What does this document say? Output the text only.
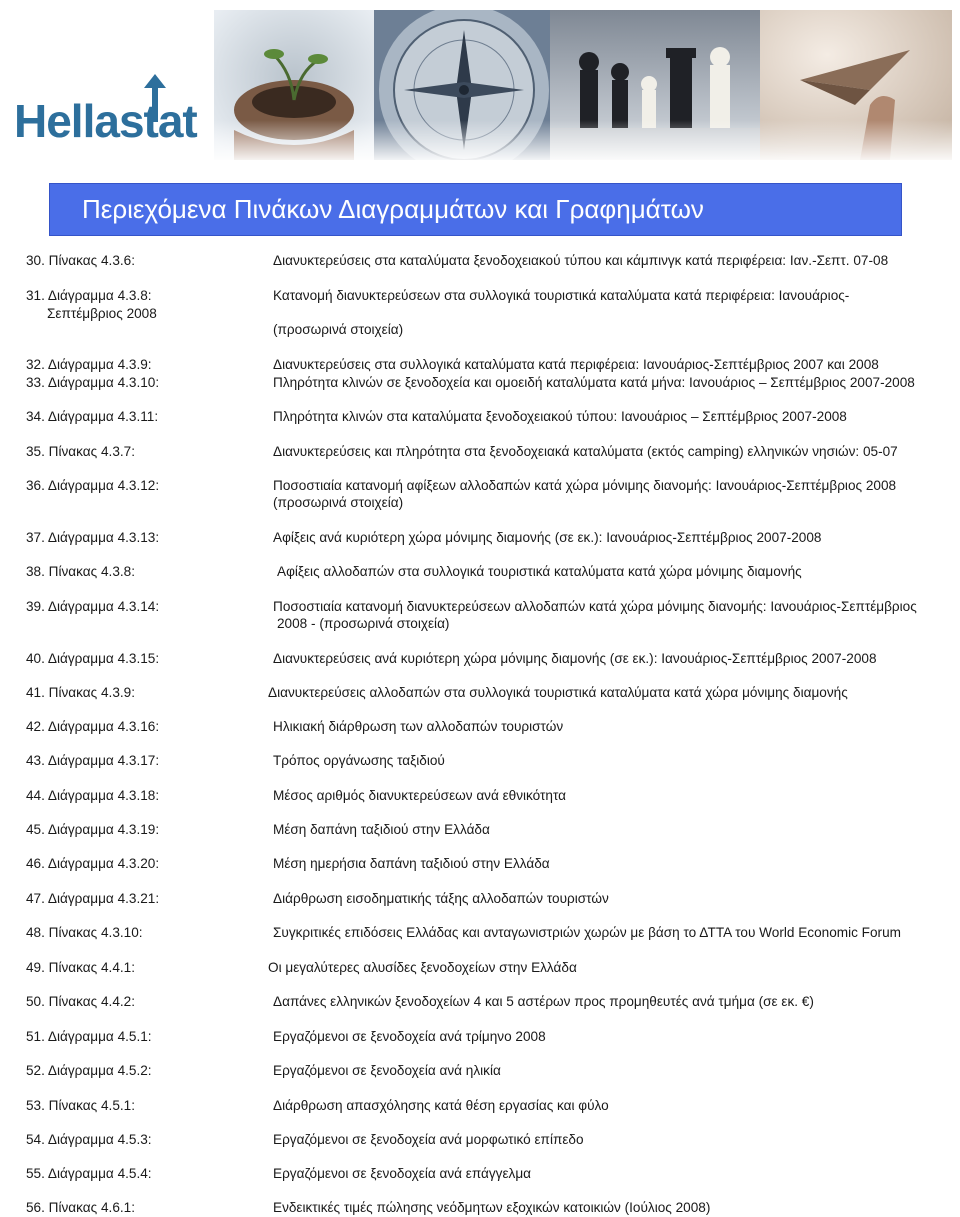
Hellastat
Περιεχόμενα Πινάκων Διαγραμμάτων και Γραφημάτων
30. Πίνακας 4.3.6:	Διανυκτερεύσεις στα καταλύματα ξενοδοχειακού τύπου και κάμπινγκ κατά περιφέρεια: Ιαν.-Σεπτ. 07-08
31. Διάγραμμα 4.3.8:	Κατανομή διανυκτερεύσεων στα συλλογικά τουριστικά καταλύματα κατά περιφέρεια: Ιανουάριος-
Σεπτέμβριος 2008
(προσωρινά στοιχεία)
32. Διάγραμμα 4.3.9:	Διανυκτερεύσεις στα συλλογικά καταλύματα κατά περιφέρεια: Ιανουάριος-Σεπτέμβριος 2007 και 2008
33. Διάγραμμα 4.3.10:	Πληρότητα κλινών σε ξενοδοχεία και ομοειδή καταλύματα κατά μήνα: Ιανουάριος – Σεπτέμβριος 2007-2008
34. Διάγραμμα 4.3.11:	Πληρότητα κλινών στα καταλύματα ξενοδοχειακού τύπου: Ιανουάριος – Σεπτέμβριος 2007-2008
35. Πίνακας 4.3.7:	Διανυκτερεύσεις και πληρότητα στα ξενοδοχειακά καταλύματα (εκτός camping) ελληνικών νησιών: 05-07
36. Διάγραμμα 4.3.12:	Ποσοστιαία κατανομή αφίξεων αλλοδαπών κατά χώρα μόνιμης διανομής: Ιανουάριος-Σεπτέμβριος 2008
(προσωρινά στοιχεία)
37. Διάγραμμα 4.3.13:	Αφίξεις ανά κυριότερη χώρα μόνιμης διαμονής (σε εκ.): Ιανουάριος-Σεπτέμβριος 2007-2008
38. Πίνακας 4.3.8:	Αφίξεις αλλοδαπών στα συλλογικά τουριστικά καταλύματα κατά χώρα μόνιμης διαμονής
39. Διάγραμμα 4.3.14:	Ποσοστιαία κατανομή διανυκτερεύσεων αλλοδαπών κατά χώρα μόνιμης διανομής: Ιανουάριος-Σεπτέμβριος
2008 - (προσωρινά στοιχεία)
40. Διάγραμμα 4.3.15:	Διανυκτερεύσεις ανά κυριότερη χώρα μόνιμης διαμονής (σε εκ.): Ιανουάριος-Σεπτέμβριος 2007-2008
41. Πίνακας 4.3.9:	Διανυκτερεύσεις αλλοδαπών στα συλλογικά τουριστικά καταλύματα κατά χώρα μόνιμης διαμονής
42. Διάγραμμα 4.3.16:	Ηλικιακή διάρθρωση των αλλοδαπών τουριστών
43. Διάγραμμα 4.3.17:	Τρόπος οργάνωσης ταξιδιού
44. Διάγραμμα 4.3.18:	Μέσος αριθμός διανυκτερεύσεων ανά εθνικότητα
45. Διάγραμμα 4.3.19:	Μέση δαπάνη ταξιδιού στην Ελλάδα
46. Διάγραμμα 4.3.20:	Μέση ημερήσια δαπάνη ταξιδιού στην Ελλάδα
47. Διάγραμμα 4.3.21:	Διάρθρωση εισοδηματικής τάξης αλλοδαπών τουριστών
48. Πίνακας 4.3.10:	Συγκριτικές επιδόσεις Ελλάδας και ανταγωνιστριών χωρών με βάση το ΔΤΤΑ του World Economic Forum
49. Πίνακας 4.4.1:	Οι μεγαλύτερες αλυσίδες ξενοδοχείων στην Ελλάδα
50. Πίνακας 4.4.2:	Δαπάνες ελληνικών ξενοδοχείων 4 και 5 αστέρων προς προμηθευτές ανά τμήμα (σε εκ. €)
51. Διάγραμμα 4.5.1:	Εργαζόμενοι σε ξενοδοχεία ανά τρίμηνο 2008
52. Διάγραμμα 4.5.2:	Εργαζόμενοι σε ξενοδοχεία ανά ηλικία
53. Πίνακας 4.5.1:	Διάρθρωση απασχόλησης κατά θέση εργασίας και φύλο
54. Διάγραμμα 4.5.3:	Εργαζόμενοι σε ξενοδοχεία ανά μορφωτικό επίπεδο
55. Διάγραμμα 4.5.4:	Εργαζόμενοι σε ξενοδοχεία ανά επάγγελμα
56. Πίνακας 4.6.1:	Ενδεικτικές τιμές πώλησης νεόδμητων εξοχικών κατοικιών (Ιούλιος 2008)
